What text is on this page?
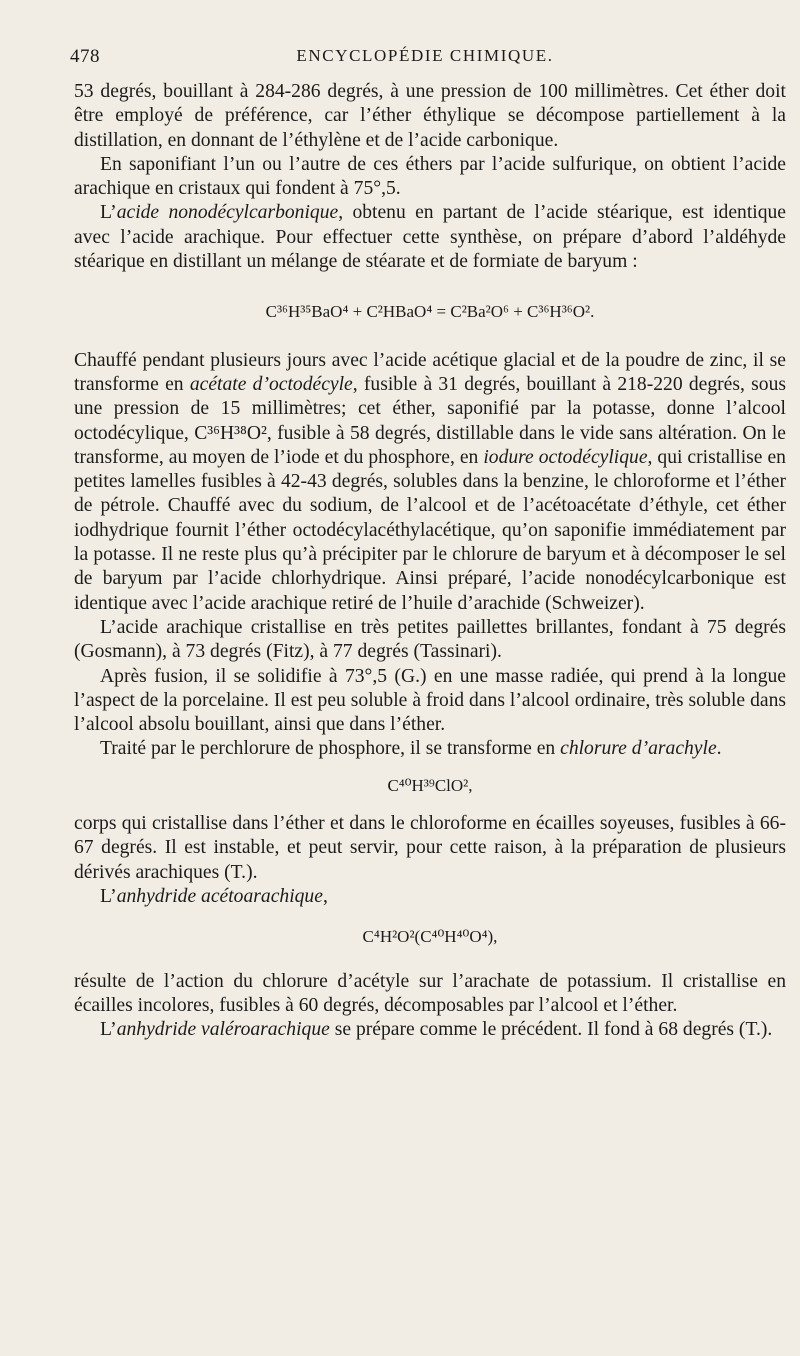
478	ENCYCLOPÉDIE CHIMIQUE.

53 degrés, bouillant à 284-286 degrés, à une pression de 100 millimètres. Cet éther doit être employé de préférence, car l’éther éthylique se décompose partiellement à la distillation, en donnant de l’éthylène et de l’acide carbonique.

En saponifiant l’un ou l’autre de ces éthers par l’acide sulfurique, on obtient l’acide arachique en cristaux qui fondent à 75°,5.

L’acide nonodécylcarbonique, obtenu en partant de l’acide stéarique, est identique avec l’acide arachique. Pour effectuer cette synthèse, on prépare d’abord l’aldéhyde stéarique en distillant un mélange de stéarate et de formiate de baryum :

C³⁶H³⁵BaO⁴ + C²HBaO⁴ = C²Ba²O⁶ + C³⁶H³⁶O².

Chauffé pendant plusieurs jours avec l’acide acétique glacial et de la poudre de zinc, il se transforme en acétate d’octodécyle, fusible à 31 degrés, bouillant à 218-220 degrés, sous une pression de 15 millimètres; cet éther, saponifié par la potasse, donne l’alcool octodécylique, C³⁶H³⁸O², fusible à 58 degrés, distillable dans le vide sans altération. On le transforme, au moyen de l’iode et du phosphore, en iodure octodécylique, qui cristallise en petites lamelles fusibles à 42-43 degrés, solubles dans la benzine, le chloroforme et l’éther de pétrole. Chauffé avec du sodium, de l’alcool et de l’acétoacétate d’éthyle, cet éther iodhydrique fournit l’éther octodécylacéthylacétique, qu’on saponifie immédiatement par la potasse. Il ne reste plus qu’à précipiter par le chlorure de baryum et à décomposer le sel de baryum par l’acide chlorhydrique. Ainsi préparé, l’acide nonodécylcarbonique est identique avec l’acide arachique retiré de l’huile d’arachide (Schweizer).

L’acide arachique cristallise en très petites paillettes brillantes, fondant à 75 degrés (Gosmann), à 73 degrés (Fitz), à 77 degrés (Tassinari).

Après fusion, il se solidifie à 73°,5 (G.) en une masse radiée, qui prend à la longue l’aspect de la porcelaine. Il est peu soluble à froid dans l’alcool ordinaire, très soluble dans l’alcool absolu bouillant, ainsi que dans l’éther.

Traité par le perchlorure de phosphore, il se transforme en chlorure d’arachyle.

C⁴⁰H³⁹ClO²,

corps qui cristallise dans l’éther et dans le chloroforme en écailles soyeuses, fusibles à 66-67 degrés. Il est instable, et peut servir, pour cette raison, à la préparation de plusieurs dérivés arachiques (T.).

L’anhydride acétoarachique,

C⁴H²O²(C⁴⁰H⁴⁰O⁴),

résulte de l’action du chlorure d’acétyle sur l’arachate de potassium. Il cristallise en écailles incolores, fusibles à 60 degrés, décomposables par l’alcool et l’éther.

L’anhydride valéroarachique se prépare comme le précédent. Il fond à 68 degrés (T.).
